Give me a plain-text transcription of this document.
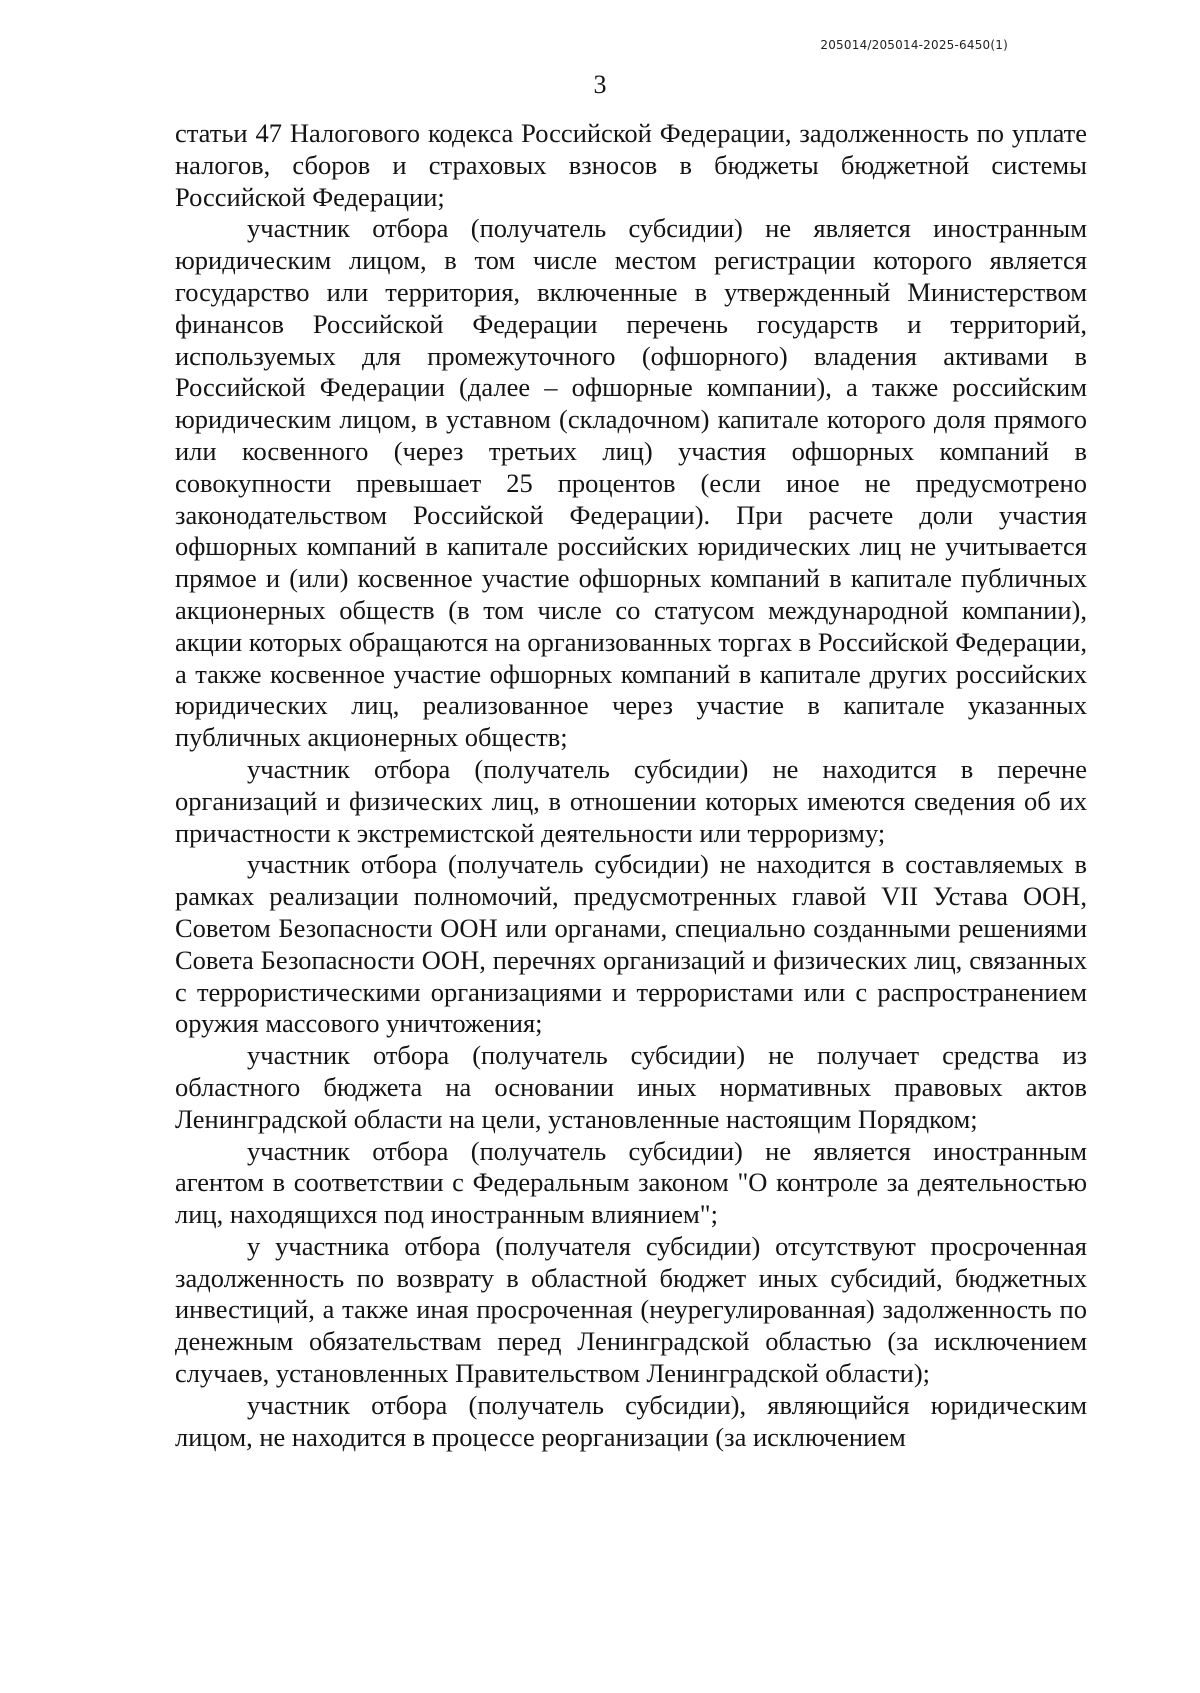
205014/205014-2025-6450(1)
3

статьи 47 Налогового кодекса Российской Федерации, задолженность по уплате налогов, сборов и страховых взносов в бюджеты бюджетной системы Российской Федерации;

участник отбора (получатель субсидии) не является иностранным юридическим лицом, в том числе местом регистрации которого является государство или территория, включенные в утвержденный Министерством финансов Российской Федерации перечень государств и территорий, используемых для промежуточного (офшорного) владения активами в Российской Федерации (далее – офшорные компании), а также российским юридическим лицом, в уставном (складочном) капитале которого доля прямого или косвенного (через третьих лиц) участия офшорных компаний в совокупности превышает 25 процентов (если иное не предусмотрено законодательством Российской Федерации). При расчете доли участия офшорных компаний в капитале российских юридических лиц не учитывается прямое и (или) косвенное участие офшорных компаний в капитале публичных акционерных обществ (в том числе со статусом международной компании), акции которых обращаются на организованных торгах в Российской Федерации, а также косвенное участие офшорных компаний в капитале других российских юридических лиц, реализованное через участие в капитале указанных публичных акционерных обществ;

участник отбора (получатель субсидии) не находится в перечне организаций и физических лиц, в отношении которых имеются сведения об их причастности к экстремистской деятельности или терроризму;

участник отбора (получатель субсидии) не находится в составляемых в рамках реализации полномочий, предусмотренных главой VII Устава ООН, Советом Безопасности ООН или органами, специально созданными решениями Совета Безопасности ООН, перечнях организаций и физических лиц, связанных с террористическими организациями и террористами или с распространением оружия массового уничтожения;

участник отбора (получатель субсидии) не получает средства из областного бюджета на основании иных нормативных правовых актов Ленинградской области на цели, установленные настоящим Порядком;

участник отбора (получатель субсидии) не является иностранным агентом в соответствии с Федеральным законом "О контроле за деятельностью лиц, находящихся под иностранным влиянием";

у участника отбора (получателя субсидии) отсутствуют просроченная задолженность по возврату в областной бюджет иных субсидий, бюджетных инвестиций, а также иная просроченная (неурегулированная) задолженность по денежным обязательствам перед Ленинградской областью (за исключением случаев, установленных Правительством Ленинградской области);

участник отбора (получатель субсидии), являющийся юридическим лицом, не находится в процессе реорганизации (за исключением
